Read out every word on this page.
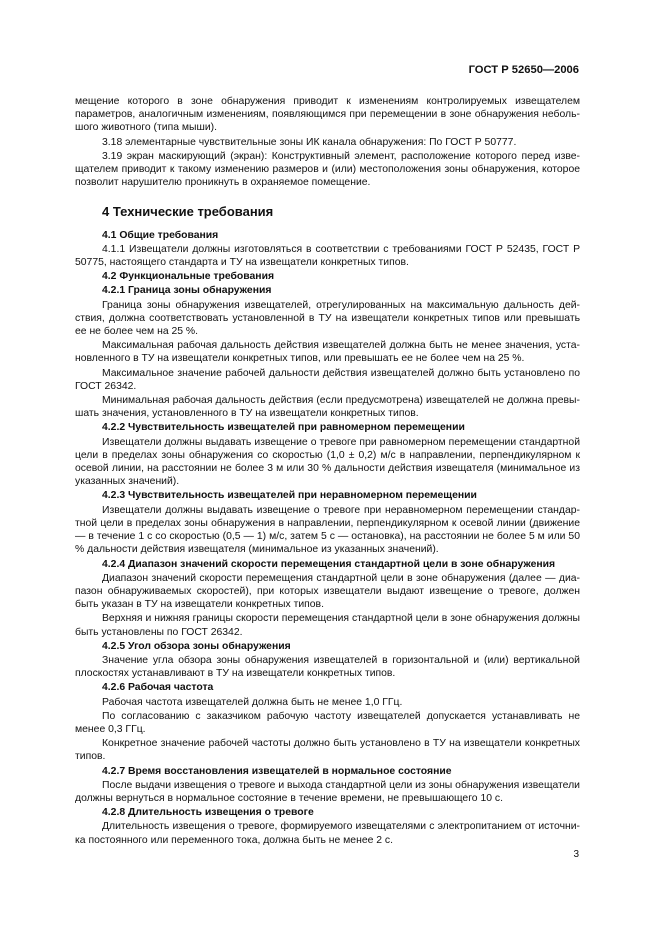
ГОСТ Р 52650—2006

мещение которого в зоне обнаружения приводит к изменениям контролируемых извещателем параметров, аналогичным изменениям, появляющимся при перемещении в зоне обнаружения небольшого животного (типа мыши).

3.18 элементарные чувствительные зоны ИК канала обнаружения: По ГОСТ Р 50777.

3.19 экран маскирующий (экран): Конструктивный элемент, расположение которого перед извещателем приводит к такому изменению размеров и (или) местоположения зоны обнаружения, которое позволит нарушителю проникнуть в охраняемое помещение.

4 Технические требования
4.1 Общие требования

4.1.1 Извещатели должны изготовляться в соответствии с требованиями ГОСТ Р 52435, ГОСТ Р 50775, настоящего стандарта и ТУ на извещатели конкретных типов.

4.2 Функциональные требования
4.2.1 Граница зоны обнаружения

Граница зоны обнаружения извещателей, отрегулированных на максимальную дальность действия, должна соответствовать установленной в ТУ на извещатели конкретных типов или превышать ее не более чем на 25 %.

Максимальная рабочая дальность действия извещателей должна быть не менее значения, установленного в ТУ на извещатели конкретных типов, или превышать ее не более чем на 25 %.

Максимальное значение рабочей дальности действия извещателей должно быть установлено по ГОСТ 26342.

Минимальная рабочая дальность действия (если предусмотрена) извещателей не должна превышать значения, установленного в ТУ на извещатели конкретных типов.

4.2.2 Чувствительность извещателей при равномерном перемещении

Извещатели должны выдавать извещение о тревоге при равномерном перемещении стандартной цели в пределах зоны обнаружения со скоростью (1,0 ± 0,2) м/с в направлении, перпендикулярном к осевой линии, на расстоянии не более 3 м или 30 % дальности действия извещателя (минимальное из указанных значений).

4.2.3 Чувствительность извещателей при неравномерном перемещении

Извещатели должны выдавать извещение о тревоге при неравномерном перемещении стандартной цели в пределах зоны обнаружения в направлении, перпендикулярном к осевой линии (движение — в течение 1 с со скоростью (0,5 — 1) м/с, затем 5 с — остановка), на расстоянии не более 5 м или 50 % дальности действия извещателя (минимальное из указанных значений).

4.2.4 Диапазон значений скорости перемещения стандартной цели в зоне обнаружения

Диапазон значений скорости перемещения стандартной цели в зоне обнаружения (далее — диапазон обнаруживаемых скоростей), при которых извещатели выдают извещение о тревоге, должен быть указан в ТУ на извещатели конкретных типов.

Верхняя и нижняя границы скорости перемещения стандартной цели в зоне обнаружения должны быть установлены по ГОСТ 26342.

4.2.5 Угол обзора зоны обнаружения

Значение угла обзора зоны обнаружения извещателей в горизонтальной и (или) вертикальной плоскостях устанавливают в ТУ на извещатели конкретных типов.

4.2.6 Рабочая частота

Рабочая частота извещателей должна быть не менее 1,0 ГГц.

По согласованию с заказчиком рабочую частоту извещателей допускается устанавливать не менее 0,3 ГГц.

Конкретное значение рабочей частоты должно быть установлено в ТУ на извещатели конкретных типов.

4.2.7 Время восстановления извещателей в нормальное состояние

После выдачи извещения о тревоге и выхода стандартной цели из зоны обнаружения извещатели должны вернуться в нормальное состояние в течение времени, не превышающего 10 с.

4.2.8 Длительность извещения о тревоге

Длительность извещения о тревоге, формируемого извещателями с электропитанием от источника постоянного или переменного тока, должна быть не менее 2 с.

3
